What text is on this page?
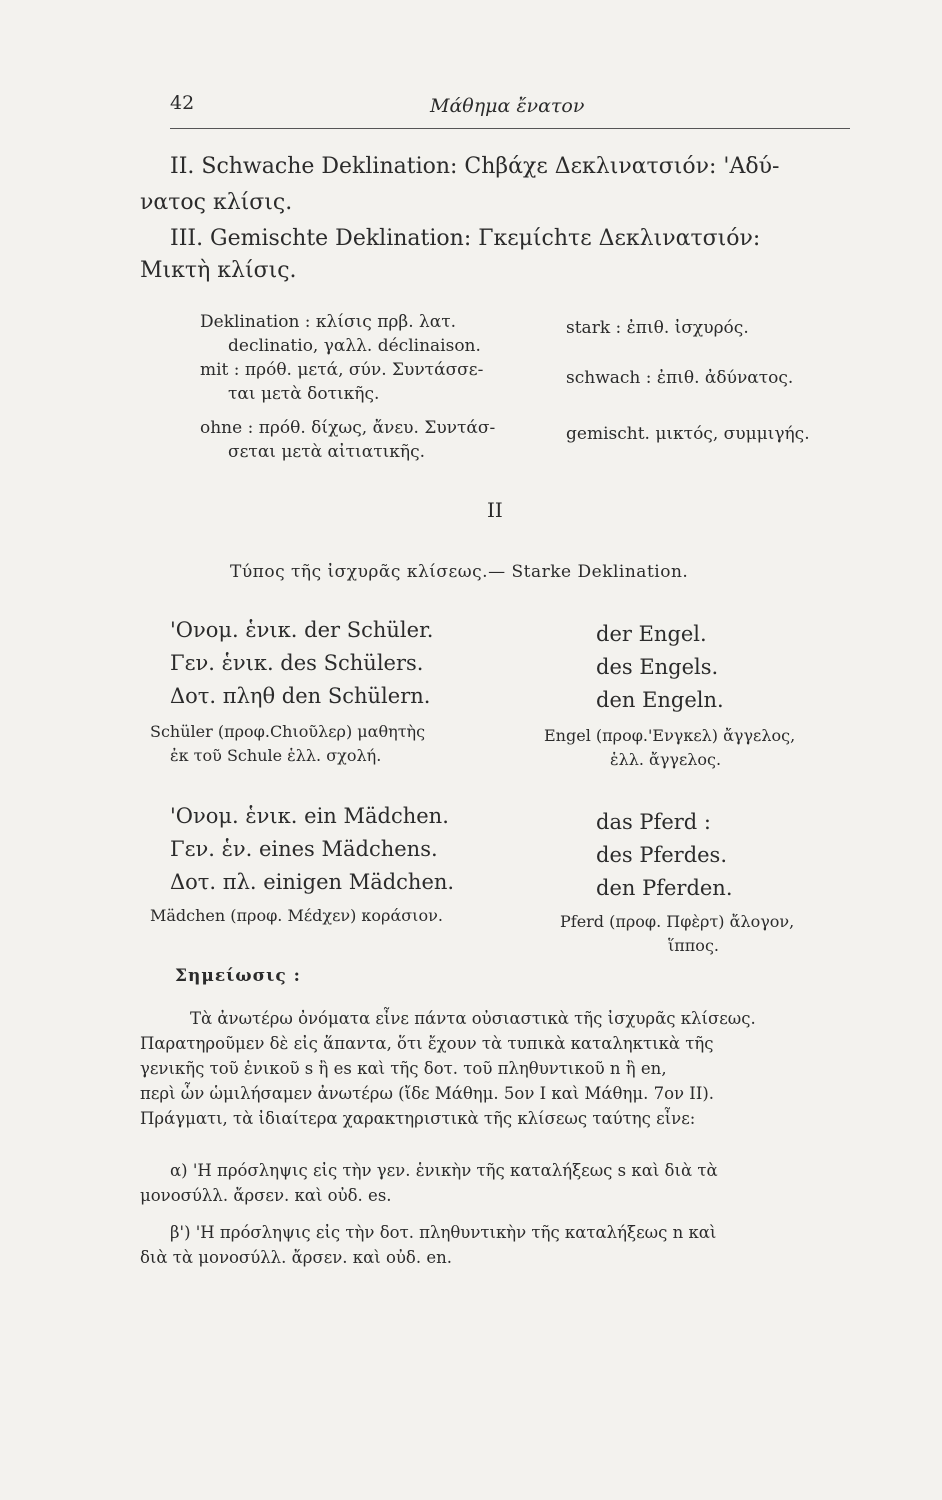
42	Μάθημα ἔνατον
II. Schwache Deklination: Chβάχε Δεκλινατσιόν: 'Αδύ-
νατος κλίσις.
III. Gemischte Deklination: Γκεμίchτε Δεκλινατσιόν:
Μικτὴ κλίσις.
Deklination : κλίσις πρβ. λατ.
declinatio, γαλλ. déclinaison.
mit : πρόθ. μετά, σύν. Συντάσσε-
ται μετὰ δοτικῆς.
ohne : πρόθ. δίχως, ἄνευ. Συντάσ-
σεται μετὰ αἰτιατικῆς.
stark : ἐπιθ. ἰσχυρός.
schwach : ἐπιθ. ἀδύνατος.
gemischt. μικτός, συμμιγής.
II
Τύπος τῆς ἰσχυρᾶς κλίσεως.— Starke Deklination.
'Ονομ. ἑνικ. der Schüler.
Γεν. ἑνικ. des Schülers.
Δοτ. πληθ den Schülern.
Schüler (προφ.Chιοῦλερ) μαθητὴς
ἐκ τοῦ Schule ἑλλ. σχολή.
der Engel.
des Engels.
den Engeln.
Engel (προφ.'Ενγκελ) ἄγγελος,
ἑλλ. ἄγγελος.
'Ονομ. ἑνικ. ein Mädchen.
Γεν. ἑν. eines Mädchens.
Δοτ. πλ. einigen Mädchen.
Mädchen (προφ. Μέdχεν) κοράσιον.
das Pferd :
des Pferdes.
den Pferden.
Pferd (προφ. Πφὲρτ) ἄλογον,
ἵππος.
Σημείωσις :
Τὰ ἀνωτέρω ὀνόματα εἶνε πάντα οὐσιαστικὰ τῆς ἰσχυρᾶς κλίσεως.
Παρατηροῦμεν δὲ εἰς ἅπαντα, ὅτι ἔχουν τὰ τυπικὰ καταληκτικὰ τῆς
γενικῆς τοῦ ἑνικοῦ s ἢ es καὶ τῆς δοτ. τοῦ πληθυντικοῦ n ἢ en,
περὶ ὧν ὡμιλήσαμεν ἀνωτέρω (ἴδε Μάθημ. 5ον I καὶ Μάθημ. 7ον II).
Πράγματι, τὰ ἰδιαίτερα χαρακτηριστικὰ τῆς κλίσεως ταύτης εἶνε:
α) 'Η πρόσληψις εἰς τὴν γεν. ἑνικὴν τῆς καταλήξεως s καὶ διὰ τὰ
μονοσύλλ. ἄρσεν. καὶ οὐδ. es.
β') 'Η πρόσληψις εἰς τὴν δοτ. πληθυντικὴν τῆς καταλήξεως n καὶ
διὰ τὰ μονοσύλλ. ἄρσεν. καὶ οὐδ. en.
